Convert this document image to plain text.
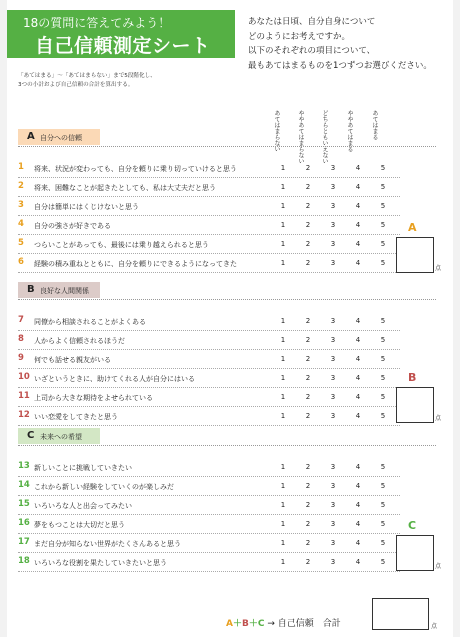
18の質問に答えてみよう！
自己信頼測定シート
あなたは日頃、自分自身について
どのようにお考えですか。
以下のそれぞれの項目について、
最もあてはまるものを1つずつお選びください。
「あてはまる」～「あてはまらない」まで5段階化し、
3つの小計および自己信頼の合計を算出する。
あてはまらない	ややあてはまらない	どちらともいえない	ややあてはまる	あてはまる
A 自分への信頼
1	将来、状況が変わっても、自分を頼りに乗り切っていけると思う	1	2	3	4	5
2	将来、困難なことが起きたとしても、私は大丈夫だと思う	1	2	3	4	5
3	自分は簡単にはくじけないと思う	1	2	3	4	5
4	自分の強さが好きである	1	2	3	4	5
5	つらいことがあっても、最後には乗り越えられると思う	1	2	3	4	5
6	経験の積み重ねとともに、自分を頼りにできるようになってきた	1	2	3	4	5
A
点
B 良好な人間関係
7	同僚から相談されることがよくある	1	2	3	4	5
8	人からよく信頼されるほうだ	1	2	3	4	5
9	何でも話せる親友がいる	1	2	3	4	5
10 いざというときに、助けてくれる人が自分にはいる	1	2	3	4	5
11 上司から大きな期待をよせられている	1	2	3	4	5
12 いい恋愛をしてきたと思う	1	2	3	4	5
B
点
C 未来への希望
13 新しいことに挑戦していきたい	1	2	3	4	5
14 これから新しい経験をしていくのが楽しみだ	1	2	3	4	5
15 いろいろな人と出会ってみたい	1	2	3	4	5
16 夢をもつことは大切だと思う	1	2	3	4	5
17 まだ自分が知らない世界がたくさんあると思う	1	2	3	4	5
18 いろいろな役割を果たしていきたいと思う	1	2	3	4	5
C
点
A＋B＋C → 自己信頼　合計	点
